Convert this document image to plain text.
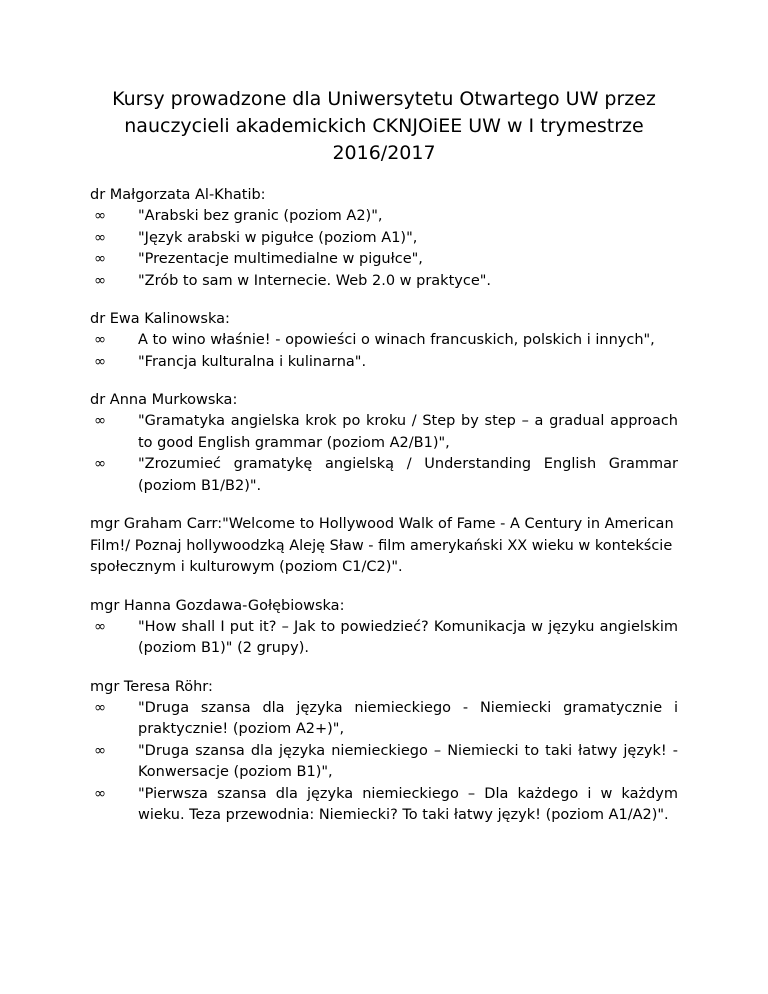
Kursy prowadzone dla Uniwersytetu Otwartego UW przez
nauczycieli akademickich CKNJOiEE UW w I trymestrze
2016/2017
dr Małgorzata Al-Khatib:
∞	"Arabski bez granic (poziom A2)",
∞	"Język arabski w pigułce (poziom A1)",
∞	"Prezentacje multimedialne w pigułce",
∞	"Zrób to sam w Internecie. Web 2.0 w praktyce".
dr Ewa Kalinowska:
∞	A to wino właśnie! - opowieści o winach francuskich, polskich i innych",
∞	"Francja kulturalna i kulinarna".
dr Anna Murkowska:
∞	"Gramatyka angielska krok po kroku / Step by step – a gradual approach to good English grammar (poziom A2/B1)",
∞	"Zrozumieć gramatykę angielską / Understanding English Grammar (poziom B1/B2)".
mgr Graham Carr:"Welcome to Hollywood Walk of Fame - A Century in American Film!/ Poznaj hollywoodzką Aleję Sław - film amerykański XX wieku w kontekście społecznym i kulturowym (poziom C1/C2)".
mgr Hanna Gozdawa-Gołębiowska:
∞	"How shall I put it? – Jak to powiedzieć? Komunikacja w języku angielskim (poziom B1)" (2 grupy).
mgr Teresa Röhr:
∞	"Druga szansa dla języka niemieckiego - Niemiecki gramatycznie i praktycznie! (poziom A2+)",
∞	"Druga szansa dla języka niemieckiego – Niemiecki to taki łatwy język! - Konwersacje (poziom B1)",
∞	"Pierwsza szansa dla języka niemieckiego – Dla każdego i w każdym wieku. Teza przewodnia: Niemiecki? To taki łatwy język! (poziom A1/A2)".
